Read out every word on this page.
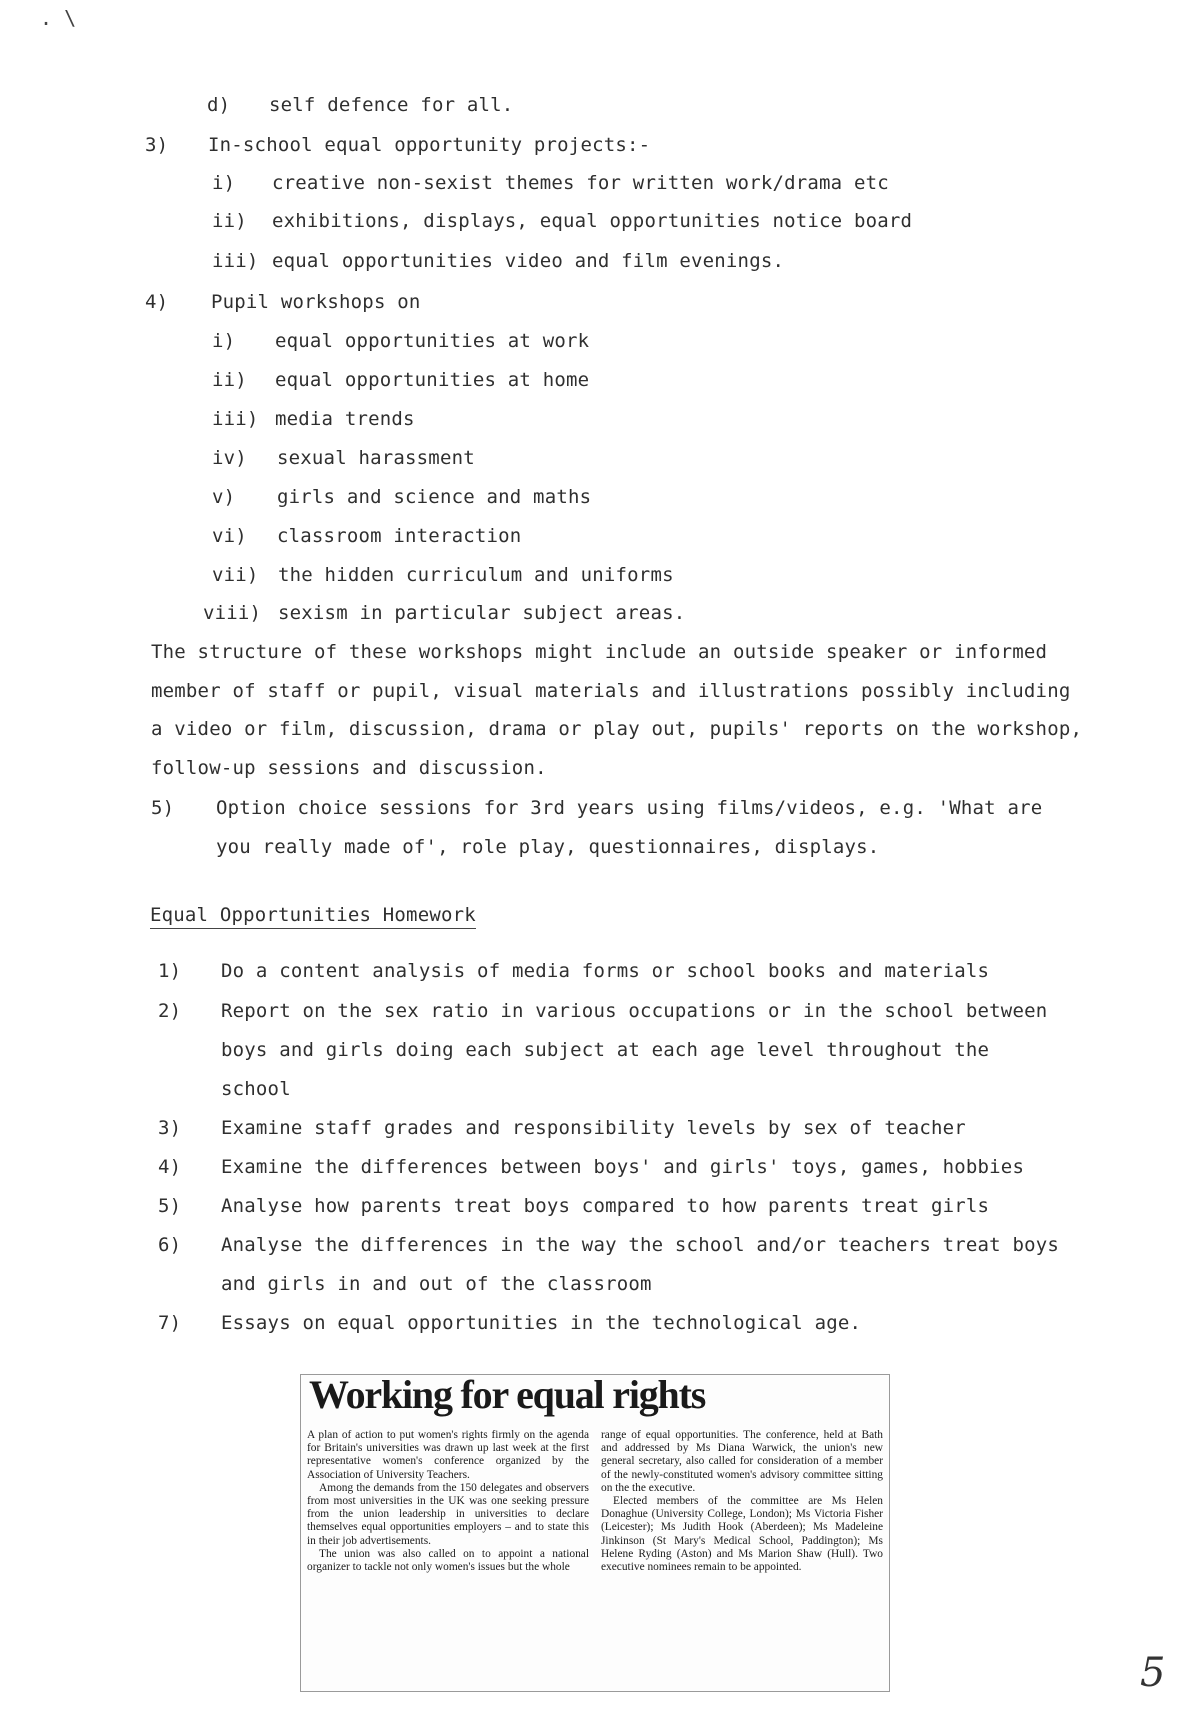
. \
d) self defence for all.
3) In-school equal opportunity projects:-
i) creative non-sexist themes for written work/drama etc
ii) exhibitions, displays, equal opportunities notice board
iii) equal opportunities video and film evenings.
4) Pupil workshops on
i) equal opportunities at work
ii) equal opportunities at home
iii) media trends
iv) sexual harassment
v) girls and science and maths
vi) classroom interaction
vii) the hidden curriculum and uniforms
viii) sexism in particular subject areas.
The structure of these workshops might include an outside speaker or informed
member of staff or pupil, visual materials and illustrations possibly including
a video or film, discussion, drama or play out, pupils' reports on the workshop,
follow-up sessions and discussion.
5) Option choice sessions for 3rd years using films/videos, e.g. 'What are
you really made of', role play, questionnaires, displays.
Equal Opportunities Homework
1) Do a content analysis of media forms or school books and materials
2) Report on the sex ratio in various occupations or in the school between
boys and girls doing each subject at each age level throughout the
school
3) Examine staff grades and responsibility levels by sex of teacher
4) Examine the differences between boys' and girls' toys, games, hobbies
5) Analyse how parents treat boys compared to how parents treat girls
6) Analyse the differences in the way the school and/or teachers treat boys
and girls in and out of the classroom
7) Essays on equal opportunities in the technological age.
Working for equal rights

A plan of action to put women's rights firmly on the agenda for Britain's universities was drawn up last week at the first representative women's conference organized by the Association of University Teachers.

Among the demands from the 150 delegates and observers from most universities in the UK was one seeking pressure from the union leadership in universities to declare themselves equal opportunities employers – and to state this in their job advertisements.

The union was also called on to appoint a national organizer to tackle not only women's issues but the whole

range of equal opportunities. The conference, held at Bath and addressed by Ms Diana Warwick, the union's new general secretary, also called for consideration of a member of the newly-constituted women's advisory committee sitting on the the executive.

Elected members of the committee are Ms Helen Donaghue (University College, London); Ms Victoria Fisher (Leicester); Ms Judith Hook (Aberdeen); Ms Madeleine Jinkinson (St Mary's Medical School, Paddington); Ms Helene Ryding (Aston) and Ms Marion Shaw (Hull). Two executive nominees remain to be appointed.

5
